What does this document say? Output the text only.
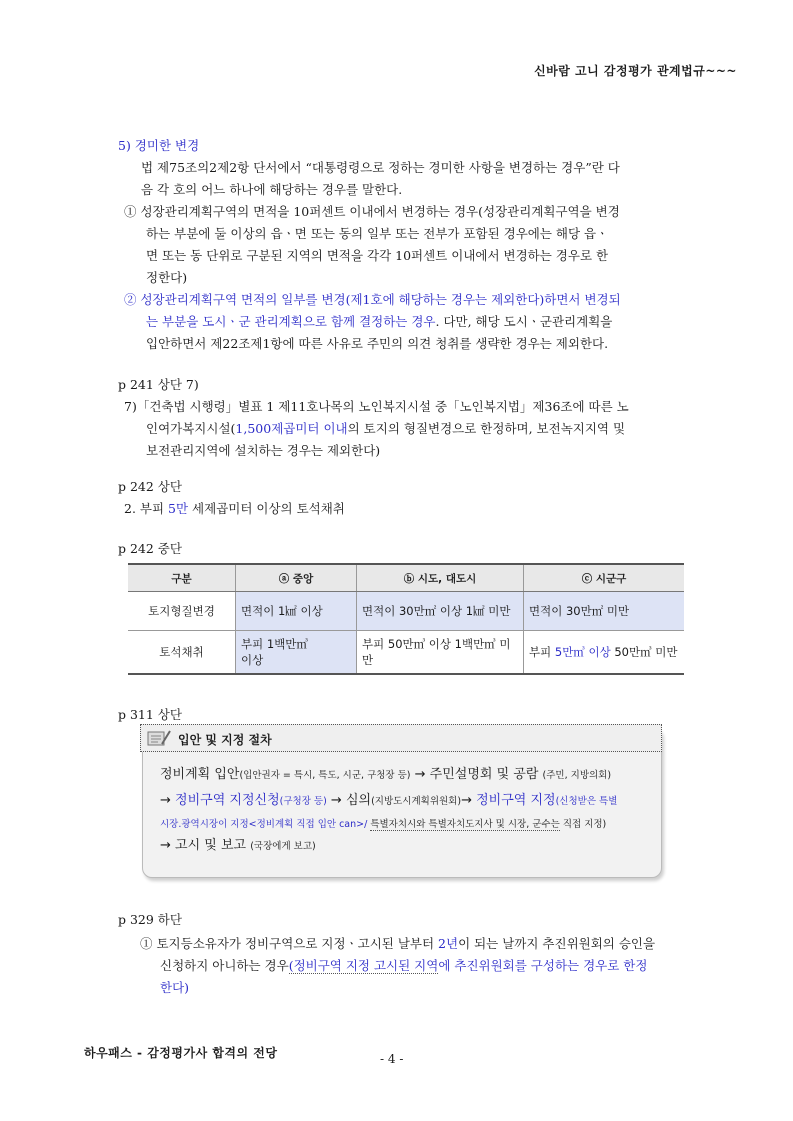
신바람 고니 감정평가 관계법규~~~
5) 경미한 변경
법 제75조의2제2항 단서에서 “대통령령으로 정하는 경미한 사항을 변경하는 경우”란 다
음 각 호의 어느 하나에 해당하는 경우를 말한다.
① 성장관리계획구역의 면적을 10퍼센트 이내에서 변경하는 경우(성장관리계획구역을 변경
하는 부분에 둘 이상의 읍ㆍ면 또는 동의 일부 또는 전부가 포함된 경우에는 해당 읍ㆍ
면 또는 동 단위로 구분된 지역의 면적을 각각 10퍼센트 이내에서 변경하는 경우로 한
정한다)
② 성장관리계획구역 면적의 일부를 변경(제1호에 해당하는 경우는 제외한다)하면서 변경되
는 부분을 도시ㆍ군 관리계획으로 함께 결정하는 경우. 다만, 해당 도시ㆍ군관리계획을
입안하면서 제22조제1항에 따른 사유로 주민의 의견 청취를 생략한 경우는 제외한다.
p 241 상단 7)
7)「건축법 시행령」별표 1 제11호나목의 노인복지시설 중「노인복지법」제36조에 따른 노
인여가복지시설(1,500제곱미터 이내의 토지의 형질변경으로 한정하며, 보전녹지지역 및
보전관리지역에 설치하는 경우는 제외한다)
p 242 상단
2. 부피 5만 세제곱미터 이상의 토석채취
p 242 중단
구분	ⓐ 중앙	ⓑ 시도, 대도시	ⓒ 시군구
토지형질변경	면적이 1㎢ 이상	면적이 30만㎡ 이상 1㎢ 미만	면적이 30만㎡ 미만
토석채취	부피 1백만㎥
이상	부피 50만㎥ 이상 1백만㎥ 미만	부피 5만㎥ 이상 50만㎥ 미만
p 311 상단
입안 및 지정 절차
정비계획 입안(입안권자 = 특시, 특도, 시군, 구청장 등) → 주민설명회 및 공람 (주민, 지방의회)
→ 정비구역 지정신청(구청장 등) → 심의(지방도시계획위원회)→ 정비구역 지정(신청받은 특별
시장.광역시장이 지정<정비계획 직접 입안 can>/ 특별자치시와 특별자치도지사 및 시장, 군수는 직접 지정)
→ 고시 및 보고 (국장에게 보고)
p 329 하단
① 토지등소유자가 정비구역으로 지정ㆍ고시된 날부터 2년이 되는 날까지 추진위원회의 승인을
신청하지 아니하는 경우(정비구역 지정 고시된 지역에 추진위원회를 구성하는 경우로 한정
한다)
하우패스 - 감정평가사 합격의 전당	- 4 -
